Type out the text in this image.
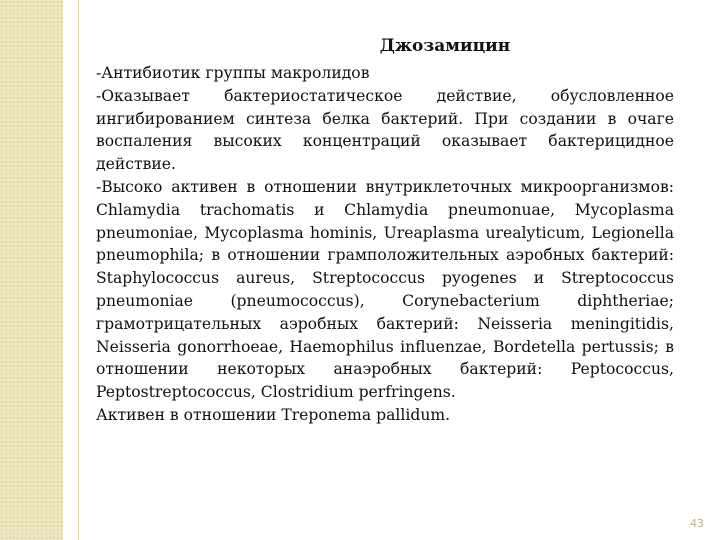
Джозамицин

-Антибиотик группы макролидов

-Оказывает бактериостатическое действие, обусловленное ингибированием синтеза белка бактерий. При создании в очаге воспаления высоких концентраций оказывает бактерицидное действие.

-Высоко активен в отношении внутриклеточных микроорганизмов: Chlamydia trachomatis и Chlamydia pneumonuae, Mycoplasma pneumoniae, Mycoplasma hominis, Ureaplasma urealyticum, Legionella pneumophila; в отношении грамположительных аэробных бактерий: Staphylococcus aureus, Streptococcus pyogenes и Streptococcus pneumoniae (pneumococcus), Corynebacterium diphtheriae; грамотрицательных аэробных бактерий: Neisseria meningitidis, Neisseria gonorrhoeae, Haemophilus influenzae, Bordetella pertussis; в отношении некоторых анаэробных бактерий: Peptococcus, Peptostreptococcus, Clostridium perfringens.

Активен в отношении Treponema pallidum.

43
